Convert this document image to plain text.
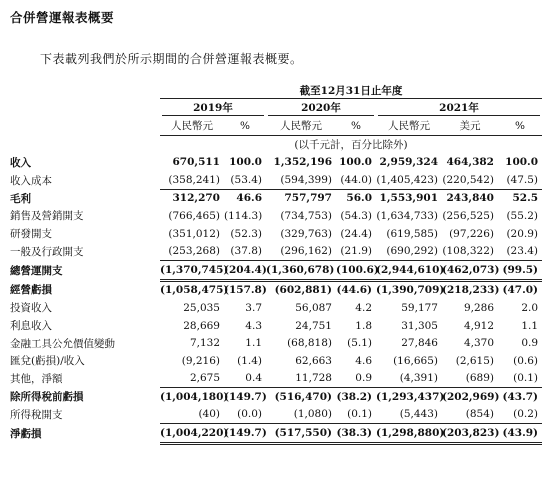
合併營運報表概要
下表載列我們於所示期間的合併營運報表概要。
	截至12月31日止年度						
	2019年		2020年		2021年		
	人民幣元	%	人民幣元	%	人民幣元	美元	%
	(以千元計，百分比除外)						
收入	670,511	100.0	1,352,196	100.0	2,959,324	464,382	100.0
收入成本	(358,241)	(53.4)	(594,399)	(44.0)	(1,405,423)	(220,542)	(47.5)
毛利	312,270	46.6	757,797	56.0	1,553,901	243,840	52.5
銷售及營銷開支	(766,465)	(114.3)	(734,753)	(54.3)	(1,634,733)	(256,525)	(55.2)
研發開支	(351,012)	(52.3)	(329,763)	(24.4)	(619,585)	(97,226)	(20.9)
一般及行政開支	(253,268)	(37.8)	(296,162)	(21.9)	(690,292)	(108,322)	(23.4)
總營運開支	(1,370,745)	(204.4)	(1,360,678)	(100.6)	(2,944,610)	(462,073)	(99.5)
經營虧損	(1,058,475)	(157.8)	(602,881)	(44.6)	(1,390,709)	(218,233)	(47.0)
投資收入	25,035	3.7	56,087	4.2	59,177	9,286	2.0
利息收入	28,669	4.3	24,751	1.8	31,305	4,912	1.1
金融工具公允價值變動	7,132	1.1	(68,818)	(5.1)	27,846	4,370	0.9
匯兌(虧損)/收入	(9,216)	(1.4)	62,663	4.6	(16,665)	(2,615)	(0.6)
其他，淨額	2,675	0.4	11,728	0.9	(4,391)	(689)	(0.1)
除所得稅前虧損	(1,004,180)	(149.7)	(516,470)	(38.2)	(1,293,437)	(202,969)	(43.7)
所得稅開支	(40)	(0.0)	(1,080)	(0.1)	(5,443)	(854)	(0.2)
淨虧損	(1,004,220)	(149.7)	(517,550)	(38.3)	(1,298,880)	(203,823)	(43.9)
